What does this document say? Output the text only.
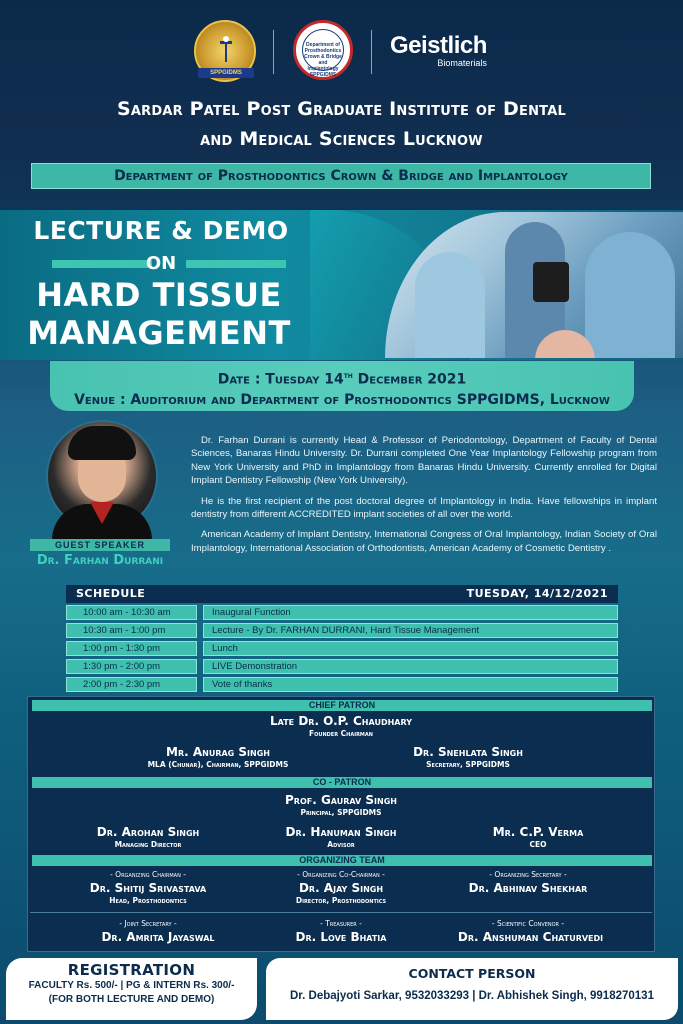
SPPGIDMS
Department of Prosthodontics Crown & Bridge and Implantology
SPPGIDMS
Geistlich
Biomaterials
Sardar Patel Post Graduate Institute of Dental
and Medical Sciences Lucknow
Department of Prosthodontics Crown & Bridge and Implantology
LECTURE & DEMO
ON
HARD TISSUE
MANAGEMENT
Date : Tuesday 14th December 2021
Venue : Auditorium and Department of Prosthodontics SPPGIDMS, Lucknow
GUEST SPEAKER
Dr. Farhan Durrani

Dr. Farhan Durrani is currently Head & Professor of Periodontology, Department of Faculty of Dental Sciences, Banaras Hindu University. Dr. Durrani completed One Year Implantology Fellowship program from New York University and PhD in Implantology from Banaras Hindu University. Currently enrolled for Digital Implant Dentistry Fellowship (New York University).

He is the first recipient of the post doctoral degree of Implantology in India. Have fellowships in implant dentistry from different ACCREDITED implant societies of all over the world.

American Academy of Implant Dentistry, International Congress of Oral Implantology, Indian Society of Oral Implantology, International Association of Orthodontists, American Academy of Cosmetic Dentistry .

SCHEDULE	TUESDAY, 14/12/2021
10:00 am - 10:30 am	Inaugural Function
10:30 am - 1:00 pm	Lecture - By Dr. FARHAN DURRANI, Hard Tissue Management
1:00 pm - 1:30 pm	Lunch
1:30 pm - 2:00 pm	LIVE Demonstration
2:00 pm - 2:30 pm	Vote of thanks
CHIEF PATRON
Late Dr. O.P. Chaudhary
Founder Chairman
Mr. Anurag Singh
MLA (Chunar), Chairman, SPPGIDMS
Dr. Snehlata Singh
Secretary, SPPGIDMS
CO - PATRON
Prof. Gaurav Singh
Principal, SPPGIDMS
Dr. Arohan Singh
Managing Director
Dr. Hanuman Singh
Advisor
Mr. C.P. Verma
CEO
ORGANIZING TEAM
- Organizing Chairman -
Dr. Shitij Srivastava
Head, Prosthodontics
- Organizing Co-Chairman -
Dr. Ajay Singh
Director, Prosthodontics
- Organizing Secretary -
Dr. Abhinav Shekhar
- Joint Secretary -
Dr. Amrita Jayaswal
- Treasurer -
Dr. Love Bhatia
- Scientific Convenor -
Dr. Anshuman Chaturvedi
REGISTRATION
FACULTY Rs. 500/- | PG & INTERN Rs. 300/-
(FOR BOTH LECTURE AND DEMO)
CONTACT PERSON
Dr. Debajyoti Sarkar, 9532033293 | Dr. Abhishek Singh, 9918270131
